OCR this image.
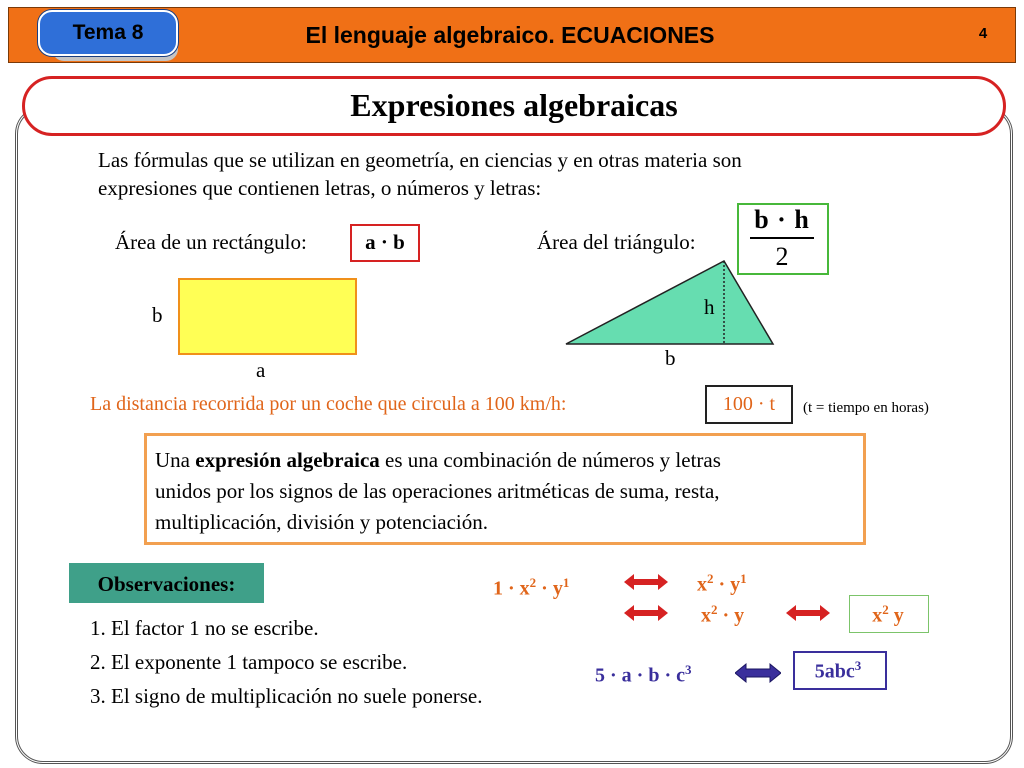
Tema 8	El lenguaje algebraico. ECUACIONES	4
Expresiones algebraicas
Las fórmulas que se utilizan en geometría, en ciencias y en otras materia son
expresiones que contienen letras, o números y letras:
Área de un rectángulo:	a · b
b
a
Área del triángulo:
b · h
2
h
b
La distancia recorrida por un coche que circula a 100 km/h:	100 · t	(t = tiempo en horas)
Una expresión algebraica es una combinación de números y letras
unidos por los signos de las operaciones aritméticas de suma, resta,
multiplicación, división y potenciación.
Observaciones:
1. El factor 1 no se escribe.
2. El exponente 1 tampoco se escribe.
3. El signo de multiplicación no suele ponerse.
$1 \cdot x^2 \cdot y^1$	$x^2 \cdot y^1$
$x^2 \cdot y$	$x^2$ y
$5 \cdot a \cdot b \cdot c^3$	5abc$^3$
